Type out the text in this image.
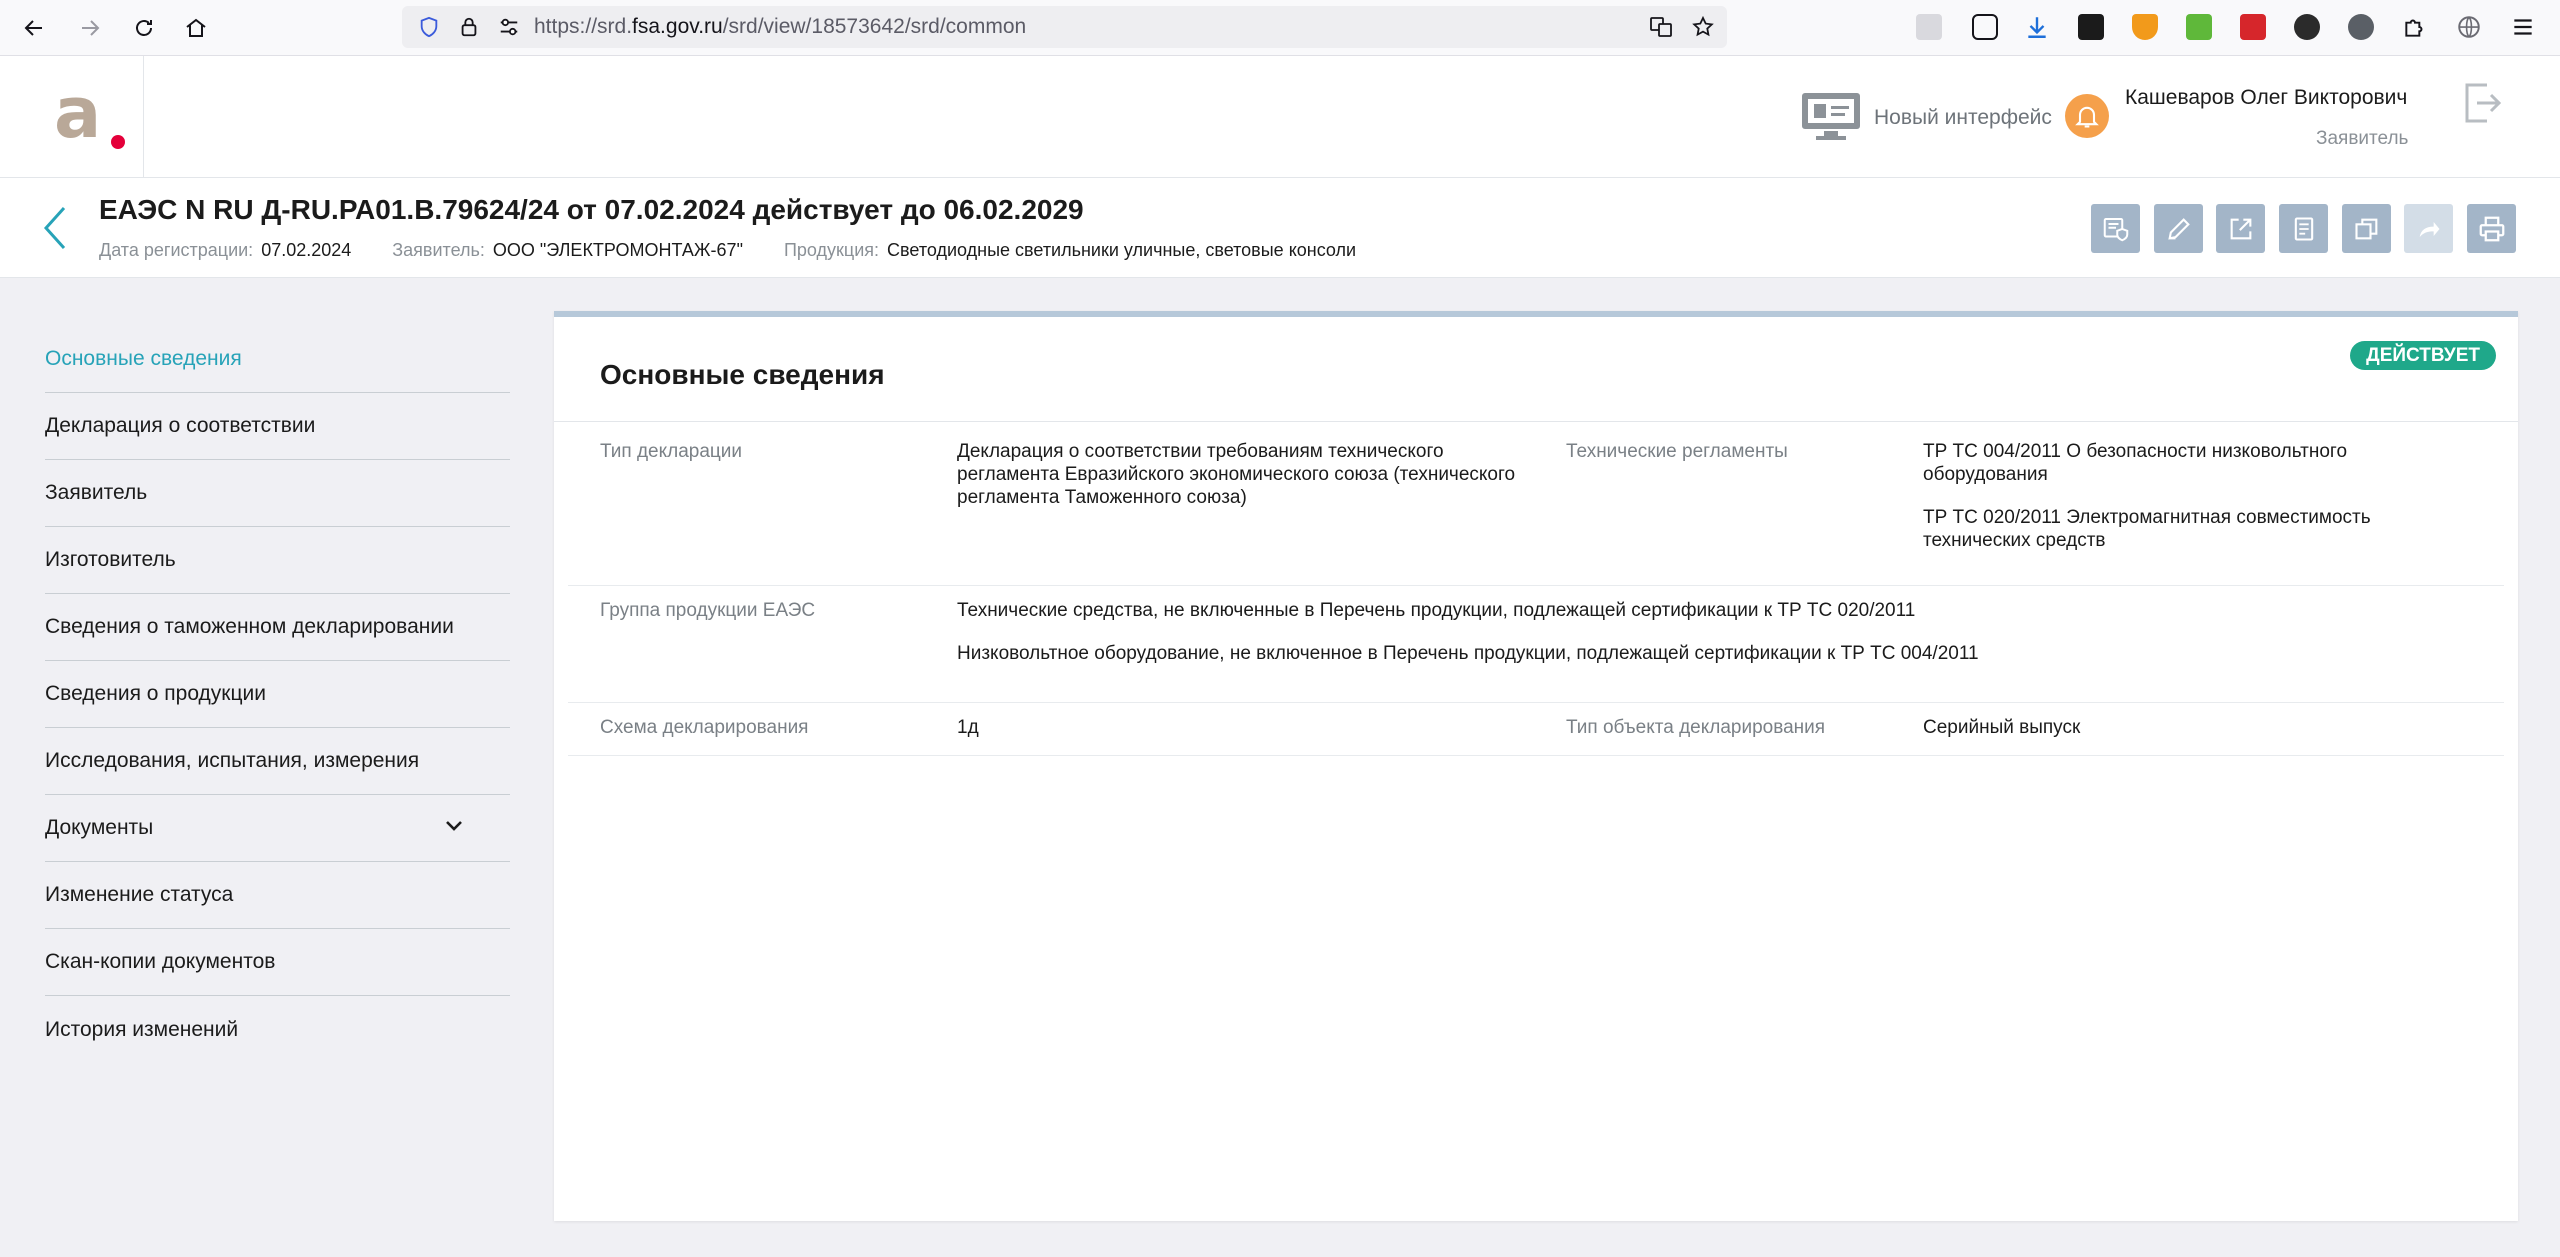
https://srd.fsa.gov.ru/srd/view/18573642/srd/common
a	Новый интерфейс
Кашеваров Олег Викторович
Заявитель
ЕАЭС N RU Д-RU.РА01.В.79624/24 от 07.02.2024 действует до 06.02.2029
Дата регистрации: 07.02.2024 Заявитель: ООО "ЭЛЕКТРОМОНТАЖ-67" Продукция: Светодиодные светильники уличные, световые консоли
Основные сведения
Декларация о соответствии
Заявитель
Изготовитель
Сведения о таможенном декларировании
Сведения о продукции
Исследования, испытания, измерения
Документы
Изменение статуса
Скан-копии документов
История изменений
Основные сведения
ДЕЙСТВУЕТ
Тип декларации	Декларация о соответствии требованиям технического регламента Евразийского экономического союза (технического регламента Таможенного союза)
Технические регламенты	ТР ТС 004/2011 О безопасности низковольтного оборудования
ТР ТС 020/2011 Электромагнитная совместимость технических средств
Группа продукции ЕАЭС	Технические средства, не включенные в Перечень продукции, подлежащей сертификации к ТР ТС 020/2011
Низковольтное оборудование, не включенное в Перечень продукции, подлежащей сертификации к ТР ТС 004/2011
Схема декларирования	1д	Тип объекта декларирования	Серийный выпуск
